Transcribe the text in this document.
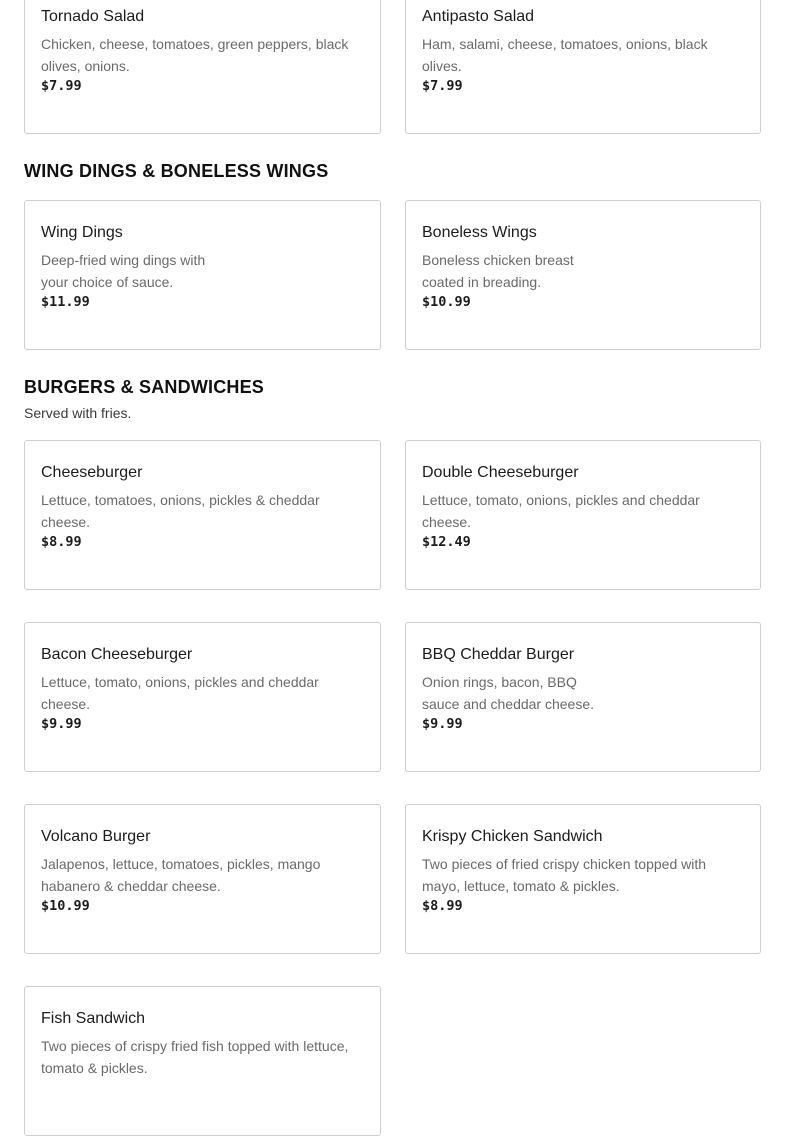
Tornado Salad
Chicken, cheese, tomatoes, green peppers, black olives, onions.
$7.99
Antipasto Salad
Ham, salami, cheese, tomatoes, onions, black olives.
$7.99
WING DINGS & BONELESS WINGS
Wing Dings
Deep-fried wing dings with your choice of sauce.
$11.99
Boneless Wings
Boneless chicken breast coated in breading.
$10.99
BURGERS & SANDWICHES
Served with fries.
Cheeseburger
Lettuce, tomatoes, onions, pickles & cheddar cheese.
$8.99
Double Cheeseburger
Lettuce, tomato, onions, pickles and cheddar cheese.
$12.49
Bacon Cheeseburger
Lettuce, tomato, onions, pickles and cheddar cheese.
$9.99
BBQ Cheddar Burger
Onion rings, bacon, BBQ sauce and cheddar cheese.
$9.99
Volcano Burger
Jalapenos, lettuce, tomatoes, pickles, mango habanero & cheddar cheese.
$10.99
Krispy Chicken Sandwich
Two pieces of fried crispy chicken topped with mayo, lettuce, tomato & pickles.
$8.99
Fish Sandwich
Two pieces of crispy fried fish topped with lettuce, tomato & pickles.
